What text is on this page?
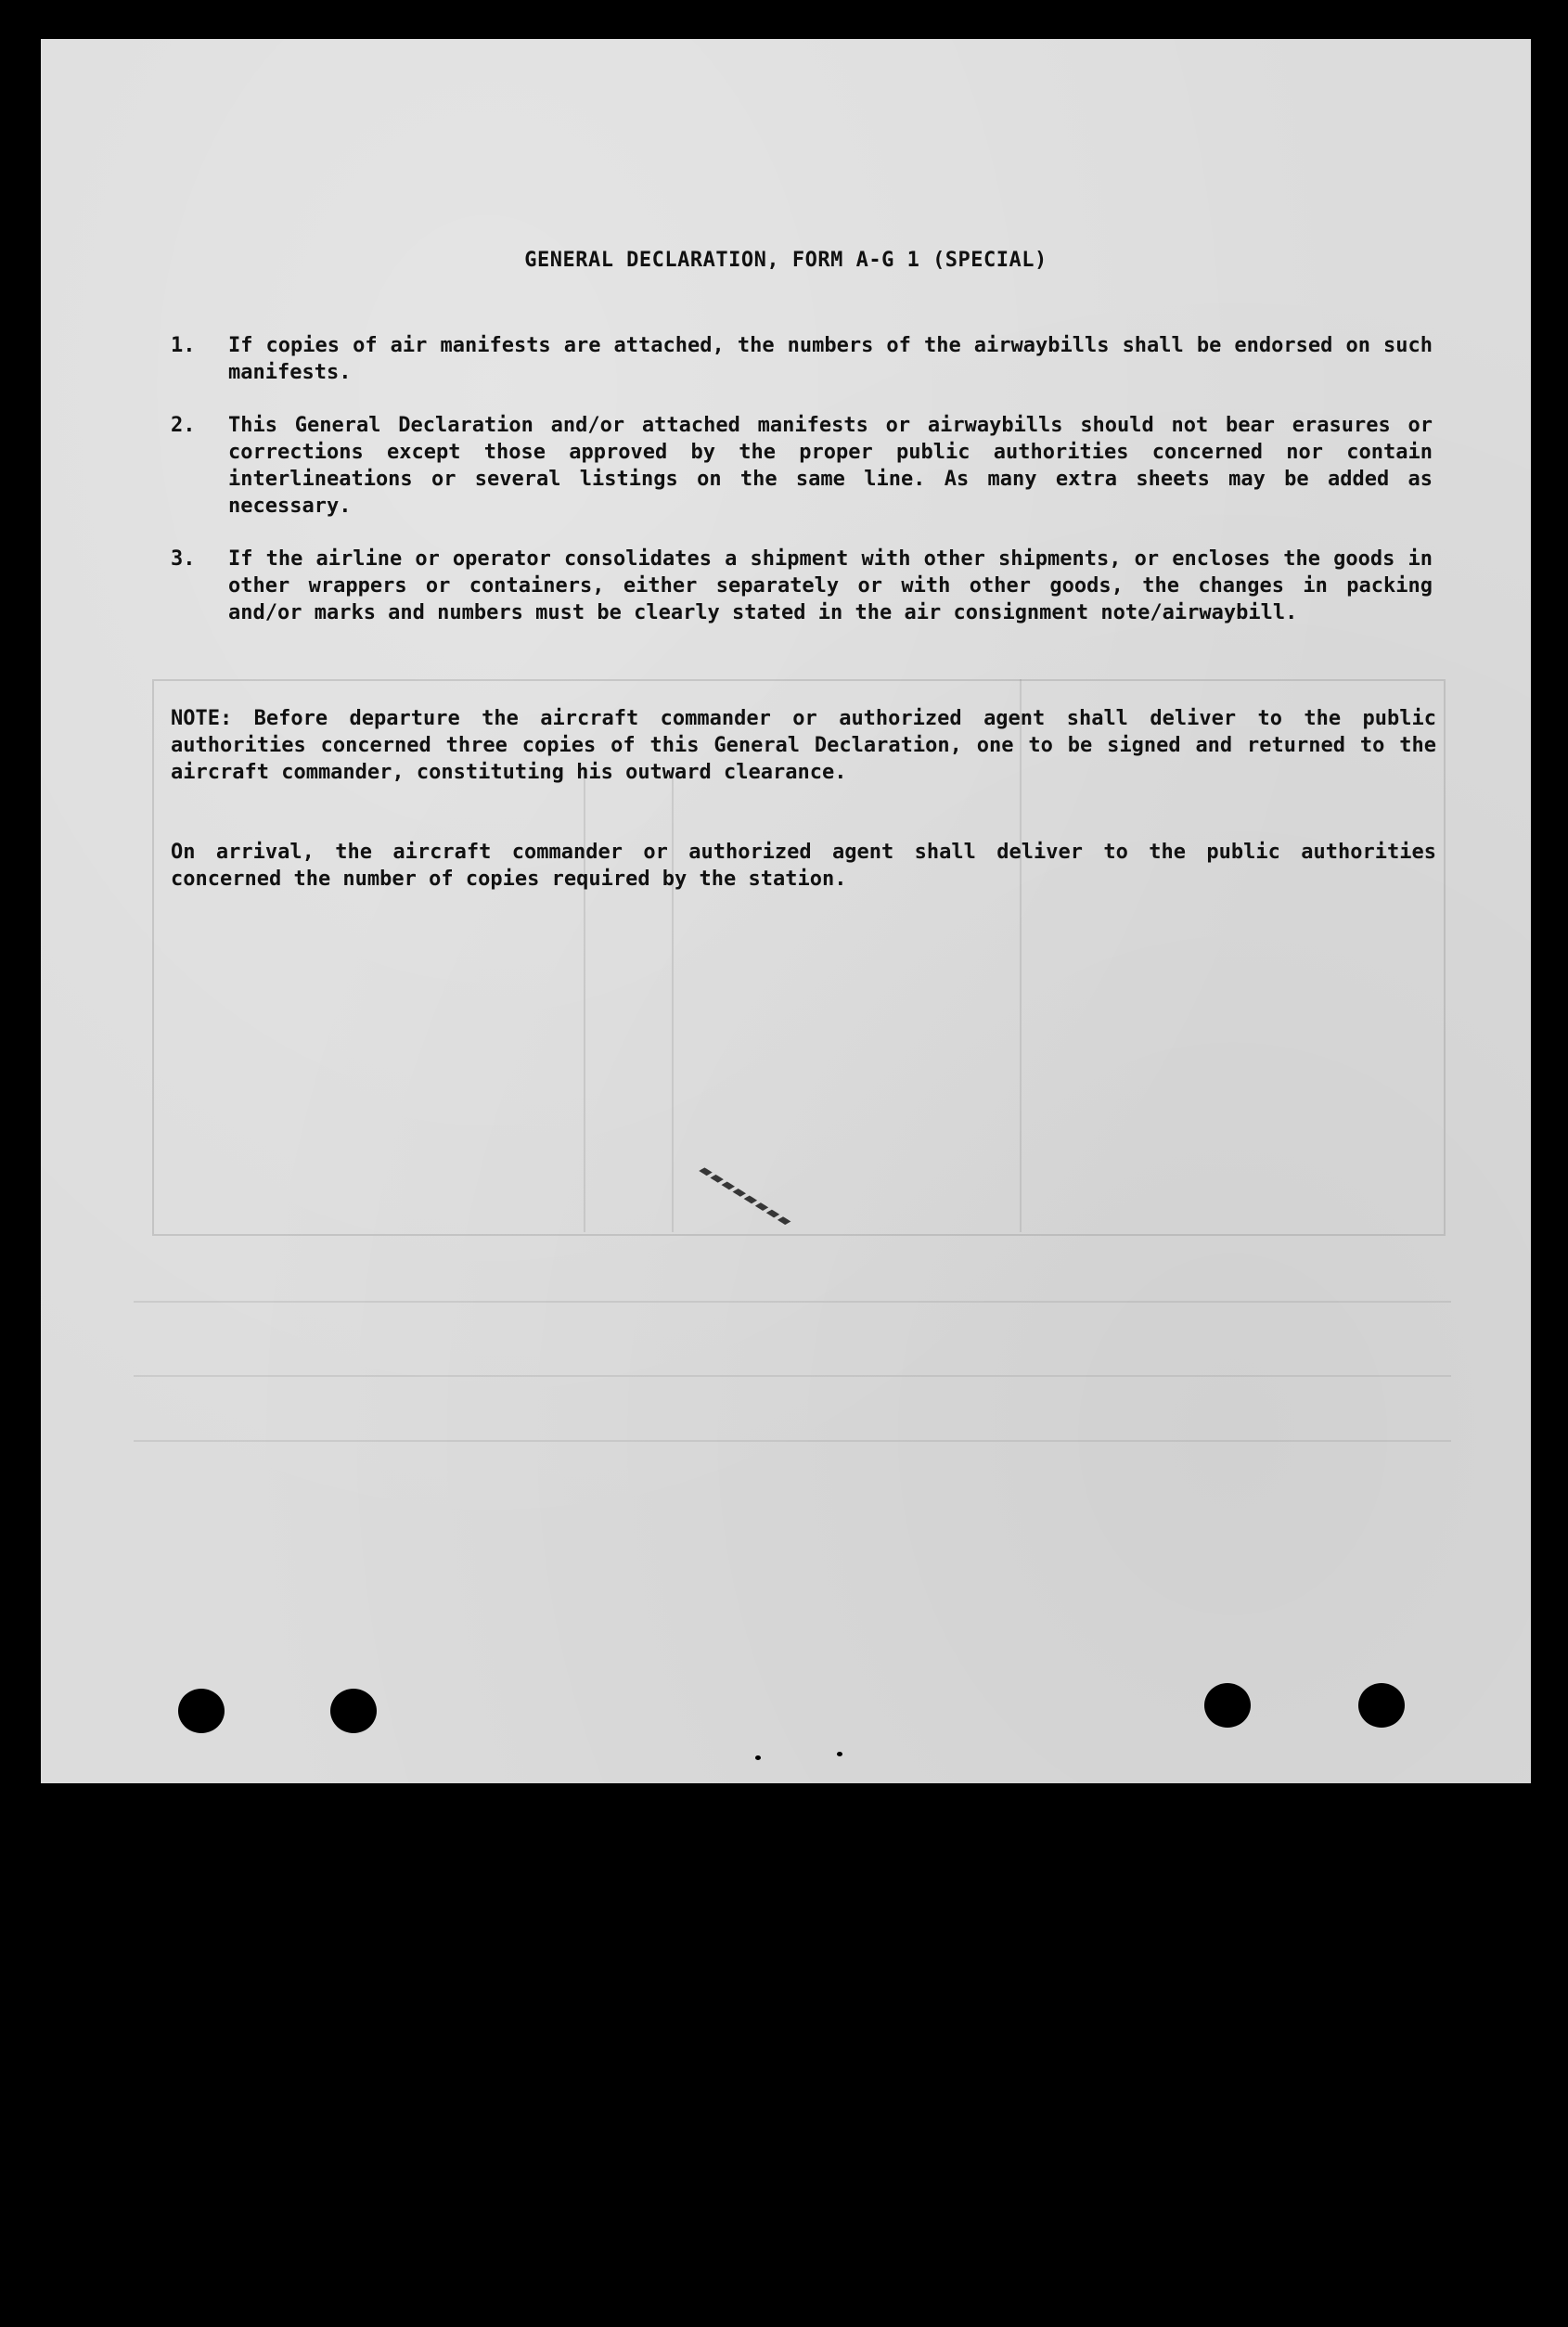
GENERAL DECLARATION, FORM A-G 1 (SPECIAL)
1.	If copies of air manifests are attached, the numbers of the airwaybills shall be endorsed on such manifests.
2.	This General Declaration and/or attached manifests or airwaybills should not bear erasures or corrections except those approved by the proper public authorities concerned nor contain interlineations or several listings on the same line. As many extra sheets may be added as necessary.
3.	If the airline or operator consolidates a shipment with other shipments, or encloses the goods in other wrappers or containers, either separately or with other goods, the changes in packing and/or marks and numbers must be clearly stated in the air consignment note/airwaybill.
NOTE: Before departure the aircraft commander or authorized agent shall deliver to the public authorities concerned three copies of this General Declaration, one to be signed and returned to the aircraft commander, constituting his outward clearance.
On arrival, the aircraft commander or authorized agent shall deliver to the public authorities concerned the number of copies required by the station.
▰▰▰▰▰▰▰▰
